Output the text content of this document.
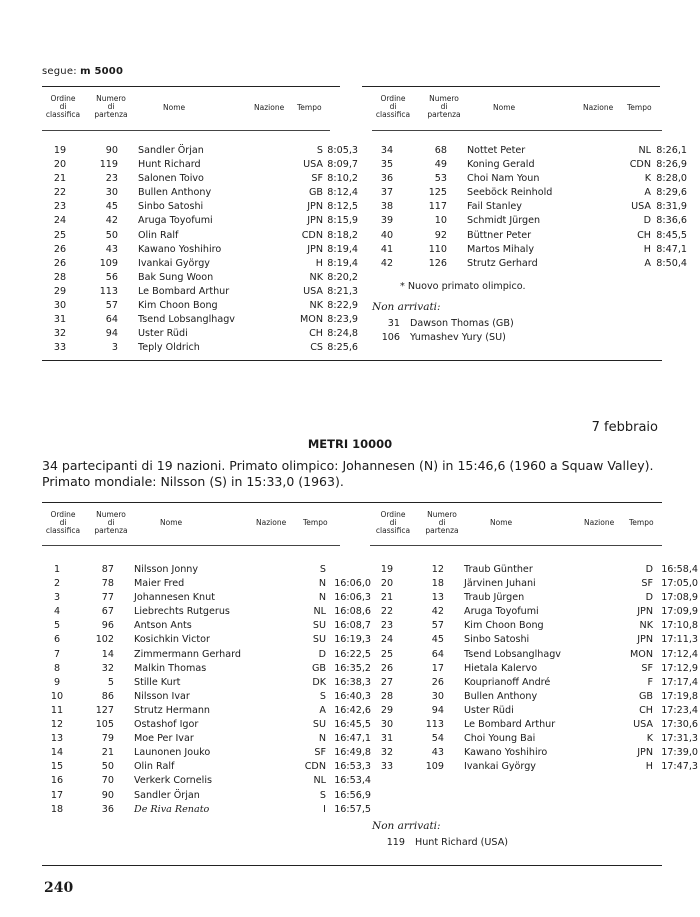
segue: m 5000
Ordine
di
classifica
Numero
di
partenza
Nome	Nazione Tempo
Ordine
di
classifica
Numero
di
partenza
Nome	Nazione Tempo
19	90	Sandler Örjan	S	8:05,3
20	119	Hunt Richard	USA	8:09,7
21	23	Salonen Toivo	SF	8:10,2
22	30	Bullen Anthony	GB	8:12,4
23	45	Sinbo Satoshi	JPN	8:12,5
24	42	Aruga Toyofumi	JPN	8:15,9
25	50	Olin Ralf	CDN	8:18,2
26	43	Kawano Yoshihiro	JPN	8:19,4
26	109	Ivankai György	H	8:19,4
28	56	Bak Sung Woon	NK	8:20,2
29	113	Le Bombard Arthur	USA	8:21,3
30	57	Kim Choon Bong	NK	8:22,9
31	64	Tsend Lobsanglhagv	MON	8:23,9
32	94	Uster Rüdi	CH	8:24,8
33	3	Teply Oldrich	CS	8:25,6
34	68	Nottet Peter	NL	8:26,1
35	49	Koning Gerald	CDN	8:26,9
36	53	Choi Nam Youn	K	8:28,0
37	125	Seeböck Reinhold	A	8:29,6
38	117	Fail Stanley	USA	8:31,9
39	10	Schmidt Jürgen	D	8:36,6
40	92	Büttner Peter	CH	8:45,5
41	110	Martos Mihaly	H	8:47,1
42	126	Strutz Gerhard	A	8:50,4
* Nuovo primato olimpico.
Non arrivati:
31 Dawson Thomas (GB)
106 Yumashev Yury (SU)
7 febbraio
METRI 10000
34 partecipanti di 19 nazioni. Primato olimpico: Johannesen (N) in 15:46,6 (1960 a Squaw Valley). Primato mondiale: Nilsson (S) in 15:33,0 (1963).
Ordine
di
classifica
Numero
di
partenza
Nome	Nazione Tempo
Ordine
di
classifica
Numero
di
partenza
Nome	Nazione Tempo
1	87	Nilsson Jonny	S	
2	78	Maier Fred	N	16:06,0
3	77	Johannesen Knut	N	16:06,3
4	67	Liebrechts Rutgerus	NL	16:08,6
5	96	Antson Ants	SU	16:08,7
6	102	Kosichkin Victor	SU	16:19,3
7	14	Zimmermann Gerhard	D	16:22,5
8	32	Malkin Thomas	GB	16:35,2
9	5	Stille Kurt	DK	16:38,3
10	86	Nilsson Ivar	S	16:40,3
11	127	Strutz Hermann	A	16:42,6
12	105	Ostashof Igor	SU	16:45,5
13	79	Moe Per Ivar	N	16:47,1
14	21	Launonen Jouko	SF	16:49,8
15	50	Olin Ralf	CDN	16:53,3
16	70	Verkerk Cornelis	NL	16:53,4
17	90	Sandler Örjan	S	16:56,9
18	36	De Riva Renato	I	16:57,5
19	12	Traub Günther	D	16:58,4
20	18	Järvinen Juhani	SF	17:05,0
21	13	Traub Jürgen	D	17:08,9
22	42	Aruga Toyofumi	JPN	17:09,9
23	57	Kim Choon Bong	NK	17:10,8
24	45	Sinbo Satoshi	JPN	17:11,3
25	64	Tsend Lobsanglhagv	MON	17:12,4
26	17	Hietala Kalervo	SF	17:12,9
27	26	Kouprianoff André	F	17:17,4
28	30	Bullen Anthony	GB	17:19,8
29	94	Uster Rüdi	CH	17:23,4
30	113	Le Bombard Arthur	USA	17:30,6
31	54	Choi Young Bai	K	17:31,3
32	43	Kawano Yoshihiro	JPN	17:39,0
33	109	Ivankai György	H	17:47,3
Non arrivati:
119 Hunt Richard (USA)
240
